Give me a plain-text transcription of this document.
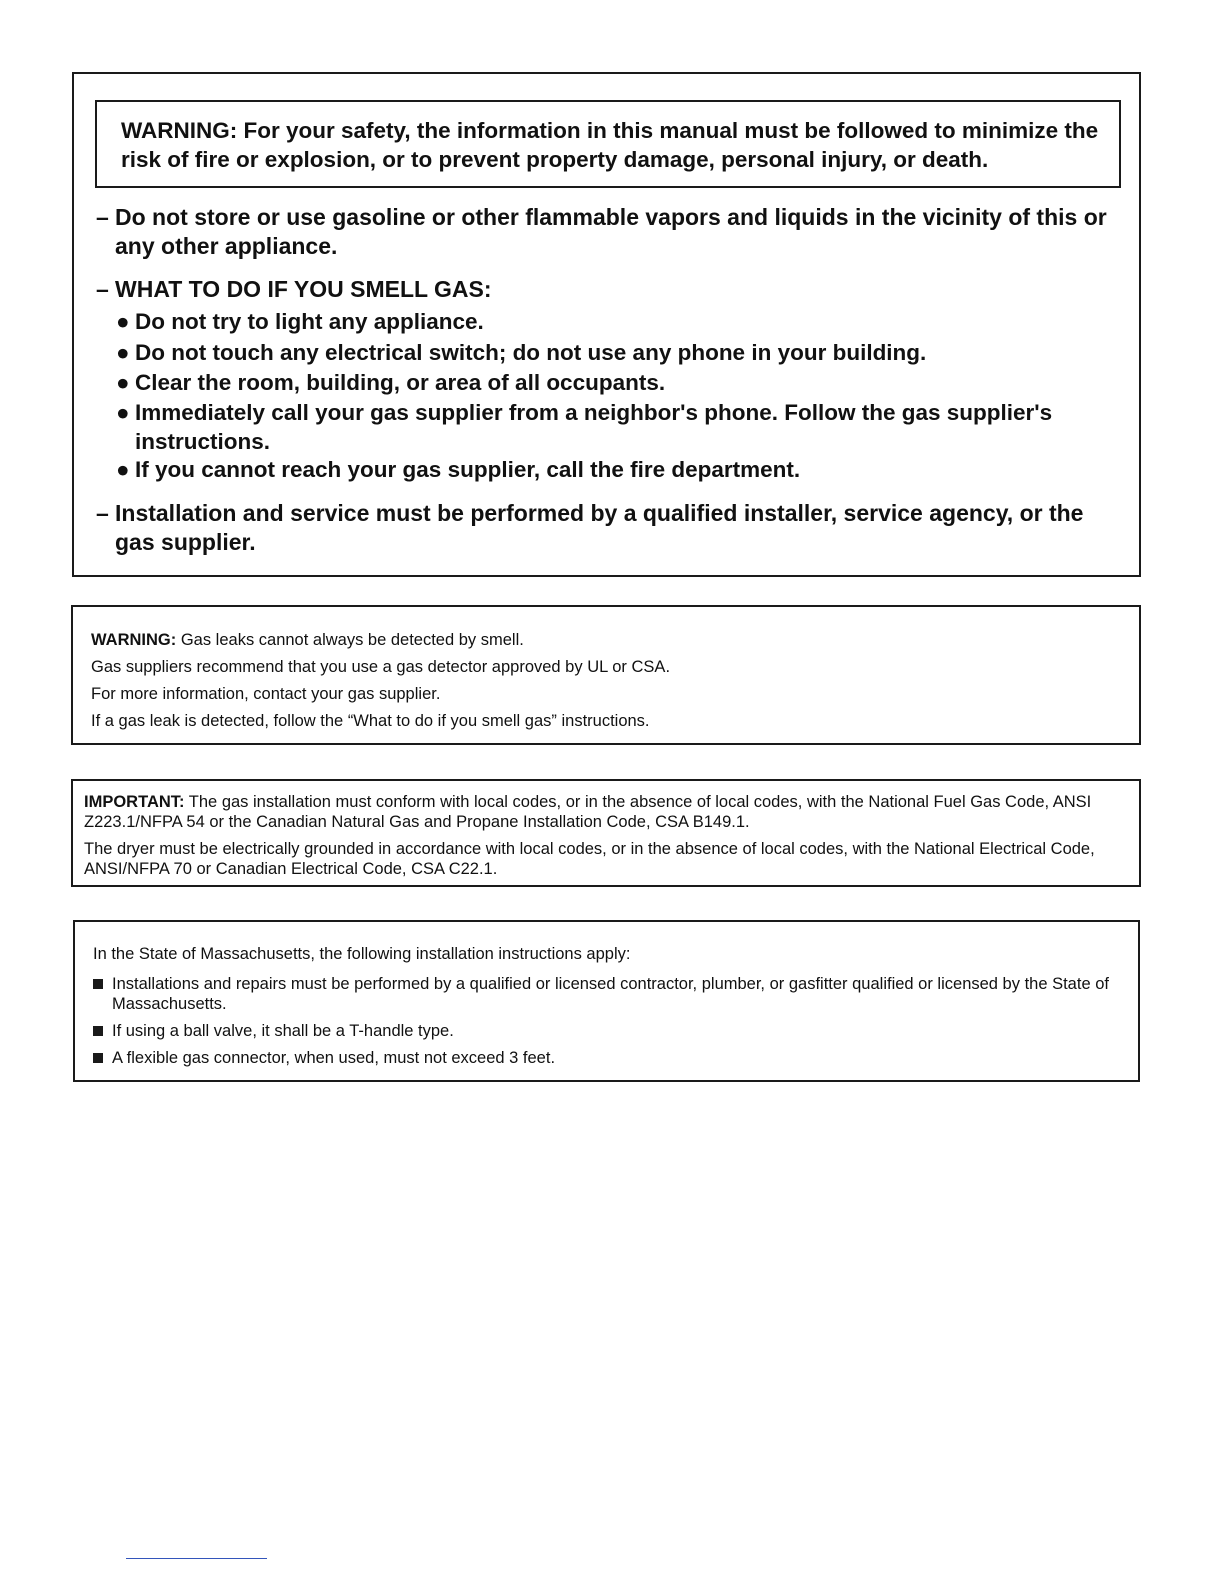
WARNING: For your safety, the information in this manual must be followed to minimize the risk of fire or explosion, or to prevent property damage, personal injury, or death.
– Do not store or use gasoline or other flammable vapors and liquids in the vicinity of this or any other appliance.
– WHAT TO DO IF YOU SMELL GAS:
● Do not try to light any appliance.
● Do not touch any electrical switch; do not use any phone in your building.
● Clear the room, building, or area of all occupants.
● Immediately call your gas supplier from a neighbor's phone. Follow the gas supplier's instructions.
● If you cannot reach your gas supplier, call the fire department.
– Installation and service must be performed by a qualified installer, service agency, or the gas supplier.

WARNING: Gas leaks cannot always be detected by smell.

Gas suppliers recommend that you use a gas detector approved by UL or CSA.

For more information, contact your gas supplier.

If a gas leak is detected, follow the “What to do if you smell gas” instructions.

IMPORTANT: The gas installation must conform with local codes, or in the absence of local codes, with the National Fuel Gas Code, ANSI Z223.1/NFPA 54 or the Canadian Natural Gas and Propane Installation Code, CSA B149.1.

The dryer must be electrically grounded in accordance with local codes, or in the absence of local codes, with the National Electrical Code, ANSI/NFPA 70 or Canadian Electrical Code, CSA C22.1.

In the State of Massachusetts, the following installation instructions apply:

Installations and repairs must be performed by a qualified or licensed contractor, plumber, or gasfitter qualified or licensed by the State of Massachusetts.
If using a ball valve, it shall be a T-handle type.
A flexible gas connector, when used, must not exceed 3 feet.
